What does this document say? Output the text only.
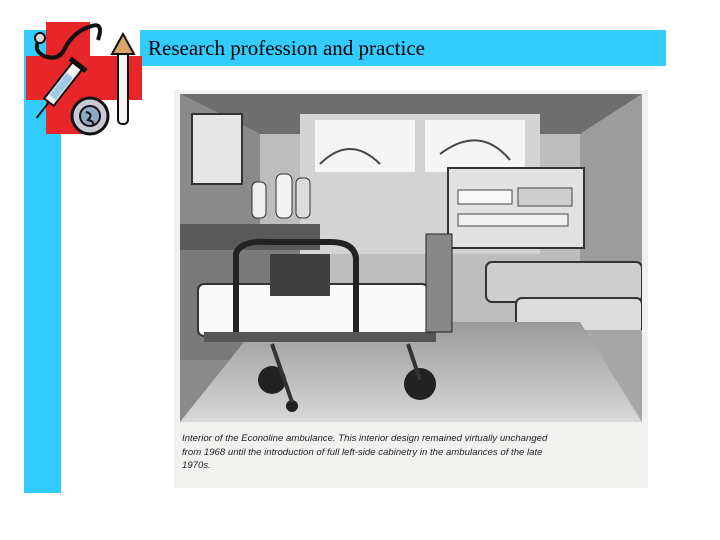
Research profession and practice
Interior of the Econoline ambulance. This interior design remained virtually unchanged
from 1968 until the introduction of full left-side cabinetry in the ambulances of the late
1970s.
